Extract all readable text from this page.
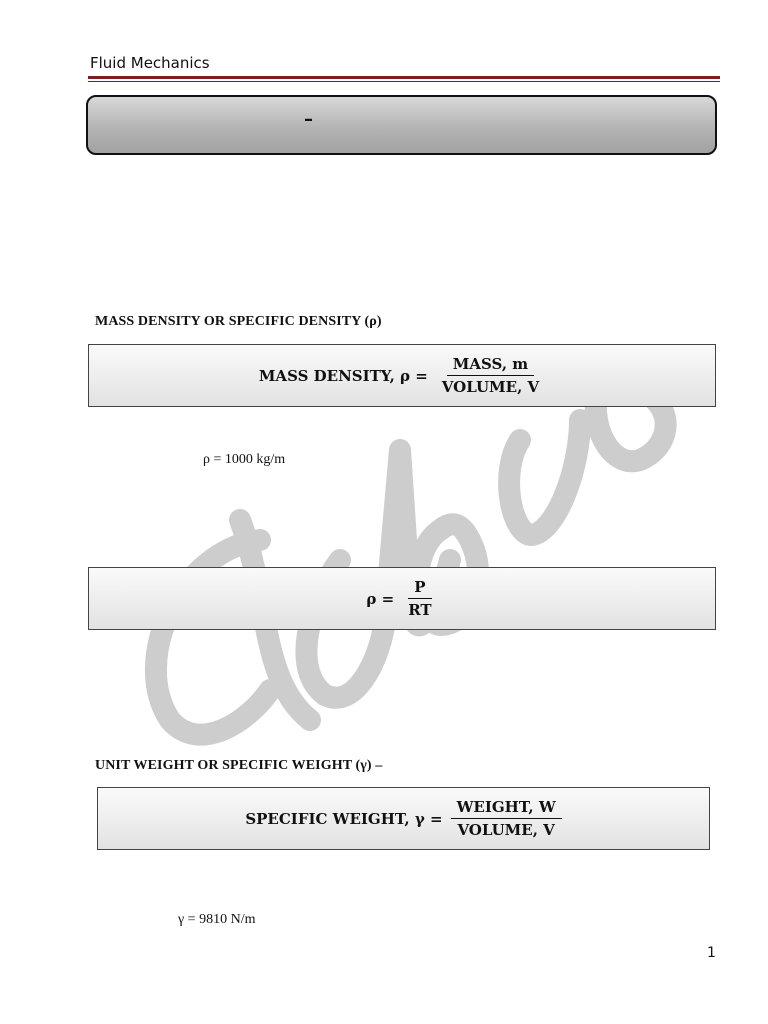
Fluid Mechanics
–
MASS DENSITY OR SPECIFIC DENSITY (ρ)
MASS DENSITY, $\rho = \frac{\text{MASS, m}}{\text{VOLUME, V}}$
ρ = 1000 kg/m
$\rho = \frac{P}{RT}$
UNIT WEIGHT OR SPECIFIC WEIGHT (γ) –
SPECIFIC WEIGHT, $\gamma = \frac{\text{WEIGHT, W}}{\text{VOLUME, V}}$
γ = 9810 N/m
1
